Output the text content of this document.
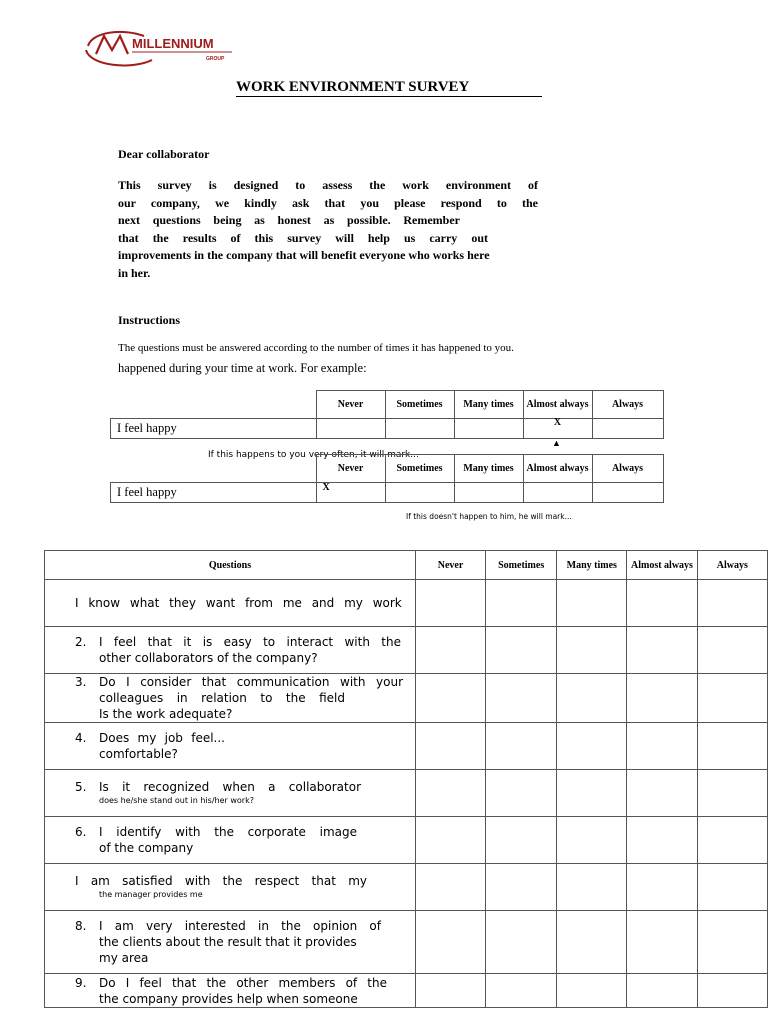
MILLENNIUM
GROUP
WORK ENVIRONMENT SURVEY
Dear collaborator
This survey is designed to assess the work environment of
our company, we kindly ask that you please respond to the
next questions being as honest as possible. Remember
that the results of this survey will help us carry out
improvements in the company that will benefit everyone who works here
in her.
Instructions
The questions must be answered according to the number of times it has happened to you.
happened during your time at work. For example:
	Never	Sometimes	Many times	Almost always	Always
I feel happy				X	
▲
If this happens to you very often, it will mark...
	Never	Sometimes	Many times	Almost always	Always
I feel happy	X				
If this doesn't happen to him, he will mark...
Questions	Never	Sometimes	Many times	Almost always	Always
I know what they want from me and my work					

2. I feel that it is easy to interact with the
other collaborators of the company?					

3. Do I consider that communication with your
colleagues in relation to the field
Is the work adequate?					

4. Does my job feel...
comfortable?					

5. Is it recognized when a collaborator
does he/she stand out in his/her work?					

6. I identify with the corporate image
of the company					

I am satisfied with the respect that my
the manager provides me					

8. I am very interested in the opinion of
the clients about the result that it provides
my area					

9. Do I feel that the other members of the
the company provides help when someone					
